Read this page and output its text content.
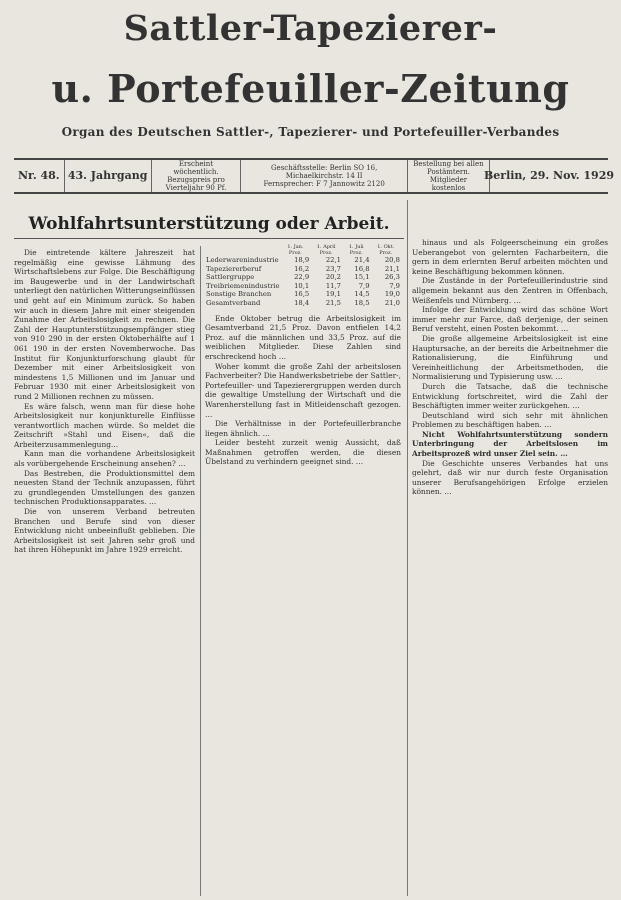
Sattler-Tapezierer-
u. Portefeuiller-Zeitung
Organ des Deutschen Sattler-, Tapezierer- und Portefeuiller-Verbandes
Nr. 48. 43. Jahrgang
Erscheint wöchentlich. Bezugspreis pro Vierteljahr 90 Pf.
Geschäftsstelle: Berlin SO 16, Michaelkirchstr. 14 II
Fernsprecher: F 7 Jannowitz 2120
Bestellung bei allen Postämtern. Mitglieder kostenlos
Berlin, 29. Nov. 1929
Wohlfahrtsunterstützung oder Arbeit.

Die eintretende kältere Jahreszeit hat regelmäßig eine gewisse Lähmung des Wirtschaftslebens zur Folge. Die Beschäftigung im Baugewerbe und in der Landwirtschaft unterliegt den natürlichen Witterungseinflüssen und geht auf ein Minimum zurück. So haben wir auch in diesem Jahre mit einer steigenden Zunahme der Arbeitslosigkeit zu rechnen. Die Zahl der Hauptunterstützungsempfänger stieg von 910 290 in der ersten Oktoberhälfte auf 1 061 190 in der ersten Novemberwoche. Das Institut für Konjunkturforschung glaubt für Dezember mit einer Arbeitslosigkeit von mindestens 1,5 Millionen und im Januar und Februar 1930 mit einer Arbeitslosigkeit von rund 2 Millionen rechnen zu müssen.

Es wäre falsch, wenn man für diese hohe Arbeitslosigkeit nur konjunkturelle Einflüsse verantwortlich machen würde. So meldet die Zeitschrift »Stahl und Eisen«, daß die Arbeiterzusammenlegung…

Kann man die vorhandene Arbeitslosigkeit als vorübergehende Erscheinung ansehen? …

Das Bestreben, die Produktionsmittel dem neuesten Stand der Technik anzupassen, führt zu grundlegenden Umstellungen des ganzen technischen Produktionsapparates. …

Die von unserem Verband betreuten Branchen und Berufe sind von dieser Entwicklung nicht unbeeinflußt geblieben. Die Arbeitslosigkeit ist seit Jahren sehr groß und hat ihren Höhepunkt im Jahre 1929 erreicht.

	1. Jan. Proz.	1. April Proz.	1. Juli Proz.	1. Okt. Proz.
Lederwarenindustrie	18,9	22,1	21,4	20,8
Tapeziererberuf	16,2	23,7	16,8	21,1
Sattlergruppe	22,9	20,2	15,1	26,3
Treibriemenindustrie	10,1	11,7	7,9	7,9
Sonstige Branchen	16,5	19,1	14,5	19,0
Gesamtverband	18,4	21,5	18,5	21,0

Ende Oktober betrug die Arbeitslosigkeit im Gesamtverband 21,5 Proz. Davon entfielen 14,2 Proz. auf die männlichen und 33,5 Proz. auf die weiblichen Mitglieder. Diese Zahlen sind erschreckend hoch …

Woher kommt die große Zahl der arbeitslosen Fachverbeiter? Die Handwerksbetriebe der Sattler-, Portefeuiller- und Tapezierergruppen werden durch die gewaltige Umstellung der Wirtschaft und die Warenherstellung fast in Mitleidenschaft gezogen. …

Die Verhältnisse in der Portefeuillerbranche liegen ähnlich. …

Leider besteht zurzeit wenig Aussicht, daß Maßnahmen getroffen werden, die diesen Übelstand zu verhindern geeignet sind. …

hinaus und als Folgeerscheinung ein großes Ueberangebot von gelernten Facharbeitern, die gern in dem erlernten Beruf arbeiten möchten und keine Beschäftigung bekommen können.

Die Zustände in der Portefeuillerindustrie sind allgemein bekannt aus den Zentren in Offenbach, Weißenfels und Nürnberg. …

Infolge der Entwicklung wird das schöne Wort immer mehr zur Farce, daß derjenige, der seinen Beruf versteht, einen Posten bekommt. …

Die große allgemeine Arbeitslosigkeit ist eine Hauptursache, an der bereits die Arbeitnehmer die Rationalisierung, die Einführung und Vereinheitlichung der Arbeitsmethoden, die Normalisierung und Typisierung usw. …

Durch die Tatsache, daß die technische Entwicklung fortschreitet, wird die Zahl der Beschäftigten immer weiter zurückgehen. …

Deutschland wird sich sehr mit ähnlichen Problemen zu beschäftigen haben. …

Nicht Wohlfahrtsunterstützung sondern Unterbringung der Arbeitslosen im Arbeitsprozeß wird unser Ziel sein. …

Die Geschichte unseres Verbandes hat uns gelehrt, daß wir nur durch feste Organisation unserer Berufsangehörigen Erfolge erzielen können. …
